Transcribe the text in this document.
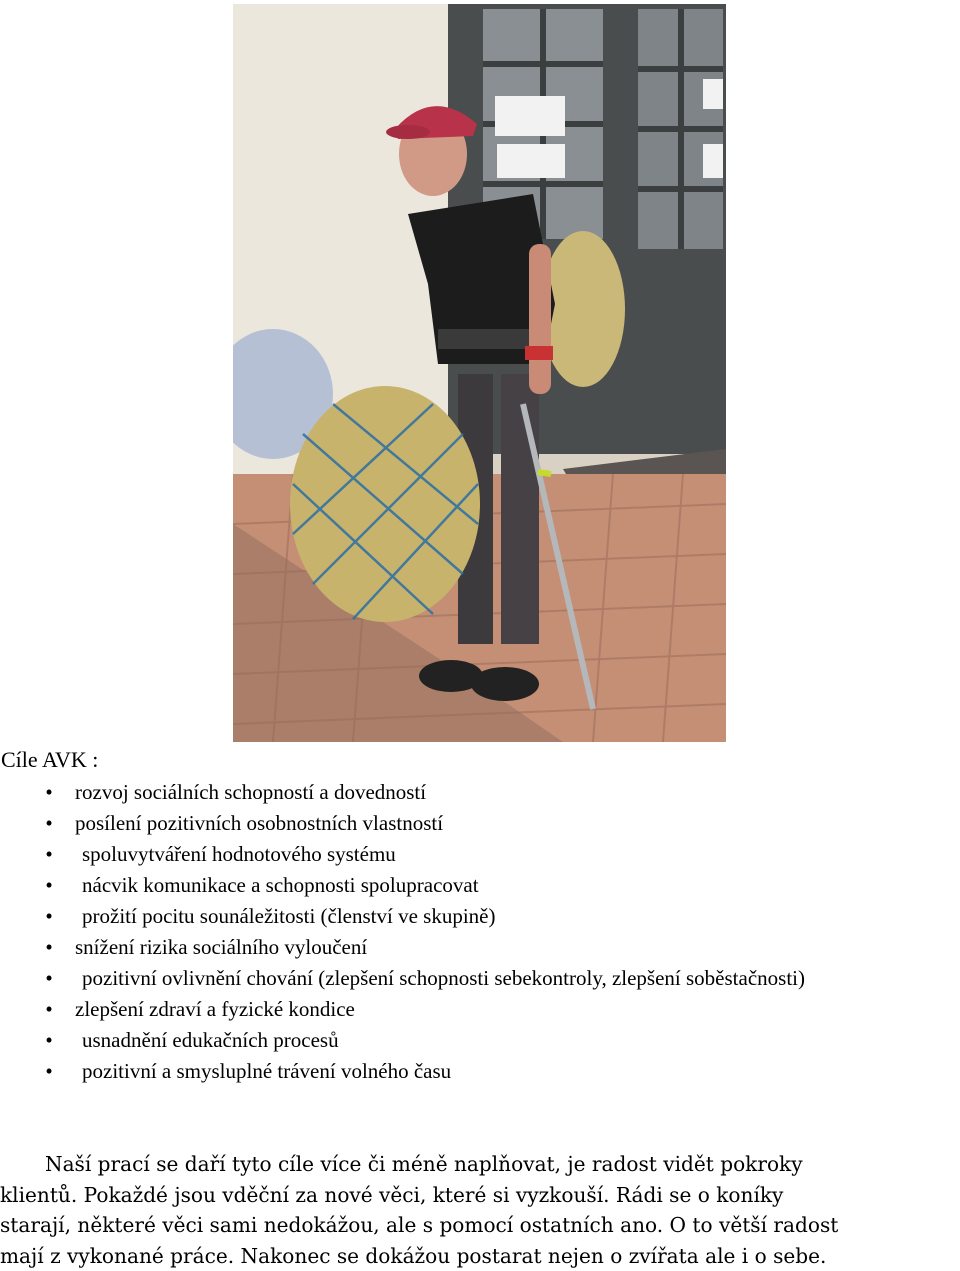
Cíle AVK :
•	rozvoj sociálních schopností a dovedností
•	posílení pozitivních osobnostních vlastností
•	spoluvytváření hodnotového systému
•	nácvik komunikace a schopnosti spolupracovat
•	prožití pocitu sounáležitosti (členství ve skupině)
•	snížení rizika sociálního vyloučení
•	pozitivní ovlivnění chování (zlepšení schopnosti sebekontroly, zlepšení soběstačnosti)
•	zlepšení zdraví a fyzické kondice
•	usnadnění edukačních procesů
•	pozitivní a smysluplné trávení volného času

Naší prací se daří tyto cíle více či méně naplňovat, je radost vidět pokroky
klientů. Pokaždé jsou vděční za nové věci, které si vyzkouší. Rádi se o koníky
starají, některé věci sami nedokážou, ale s pomocí ostatních ano. O to větší radost
mají z vykonané práce. Nakonec se dokážou postarat nejen o zvířata ale i o sebe.
